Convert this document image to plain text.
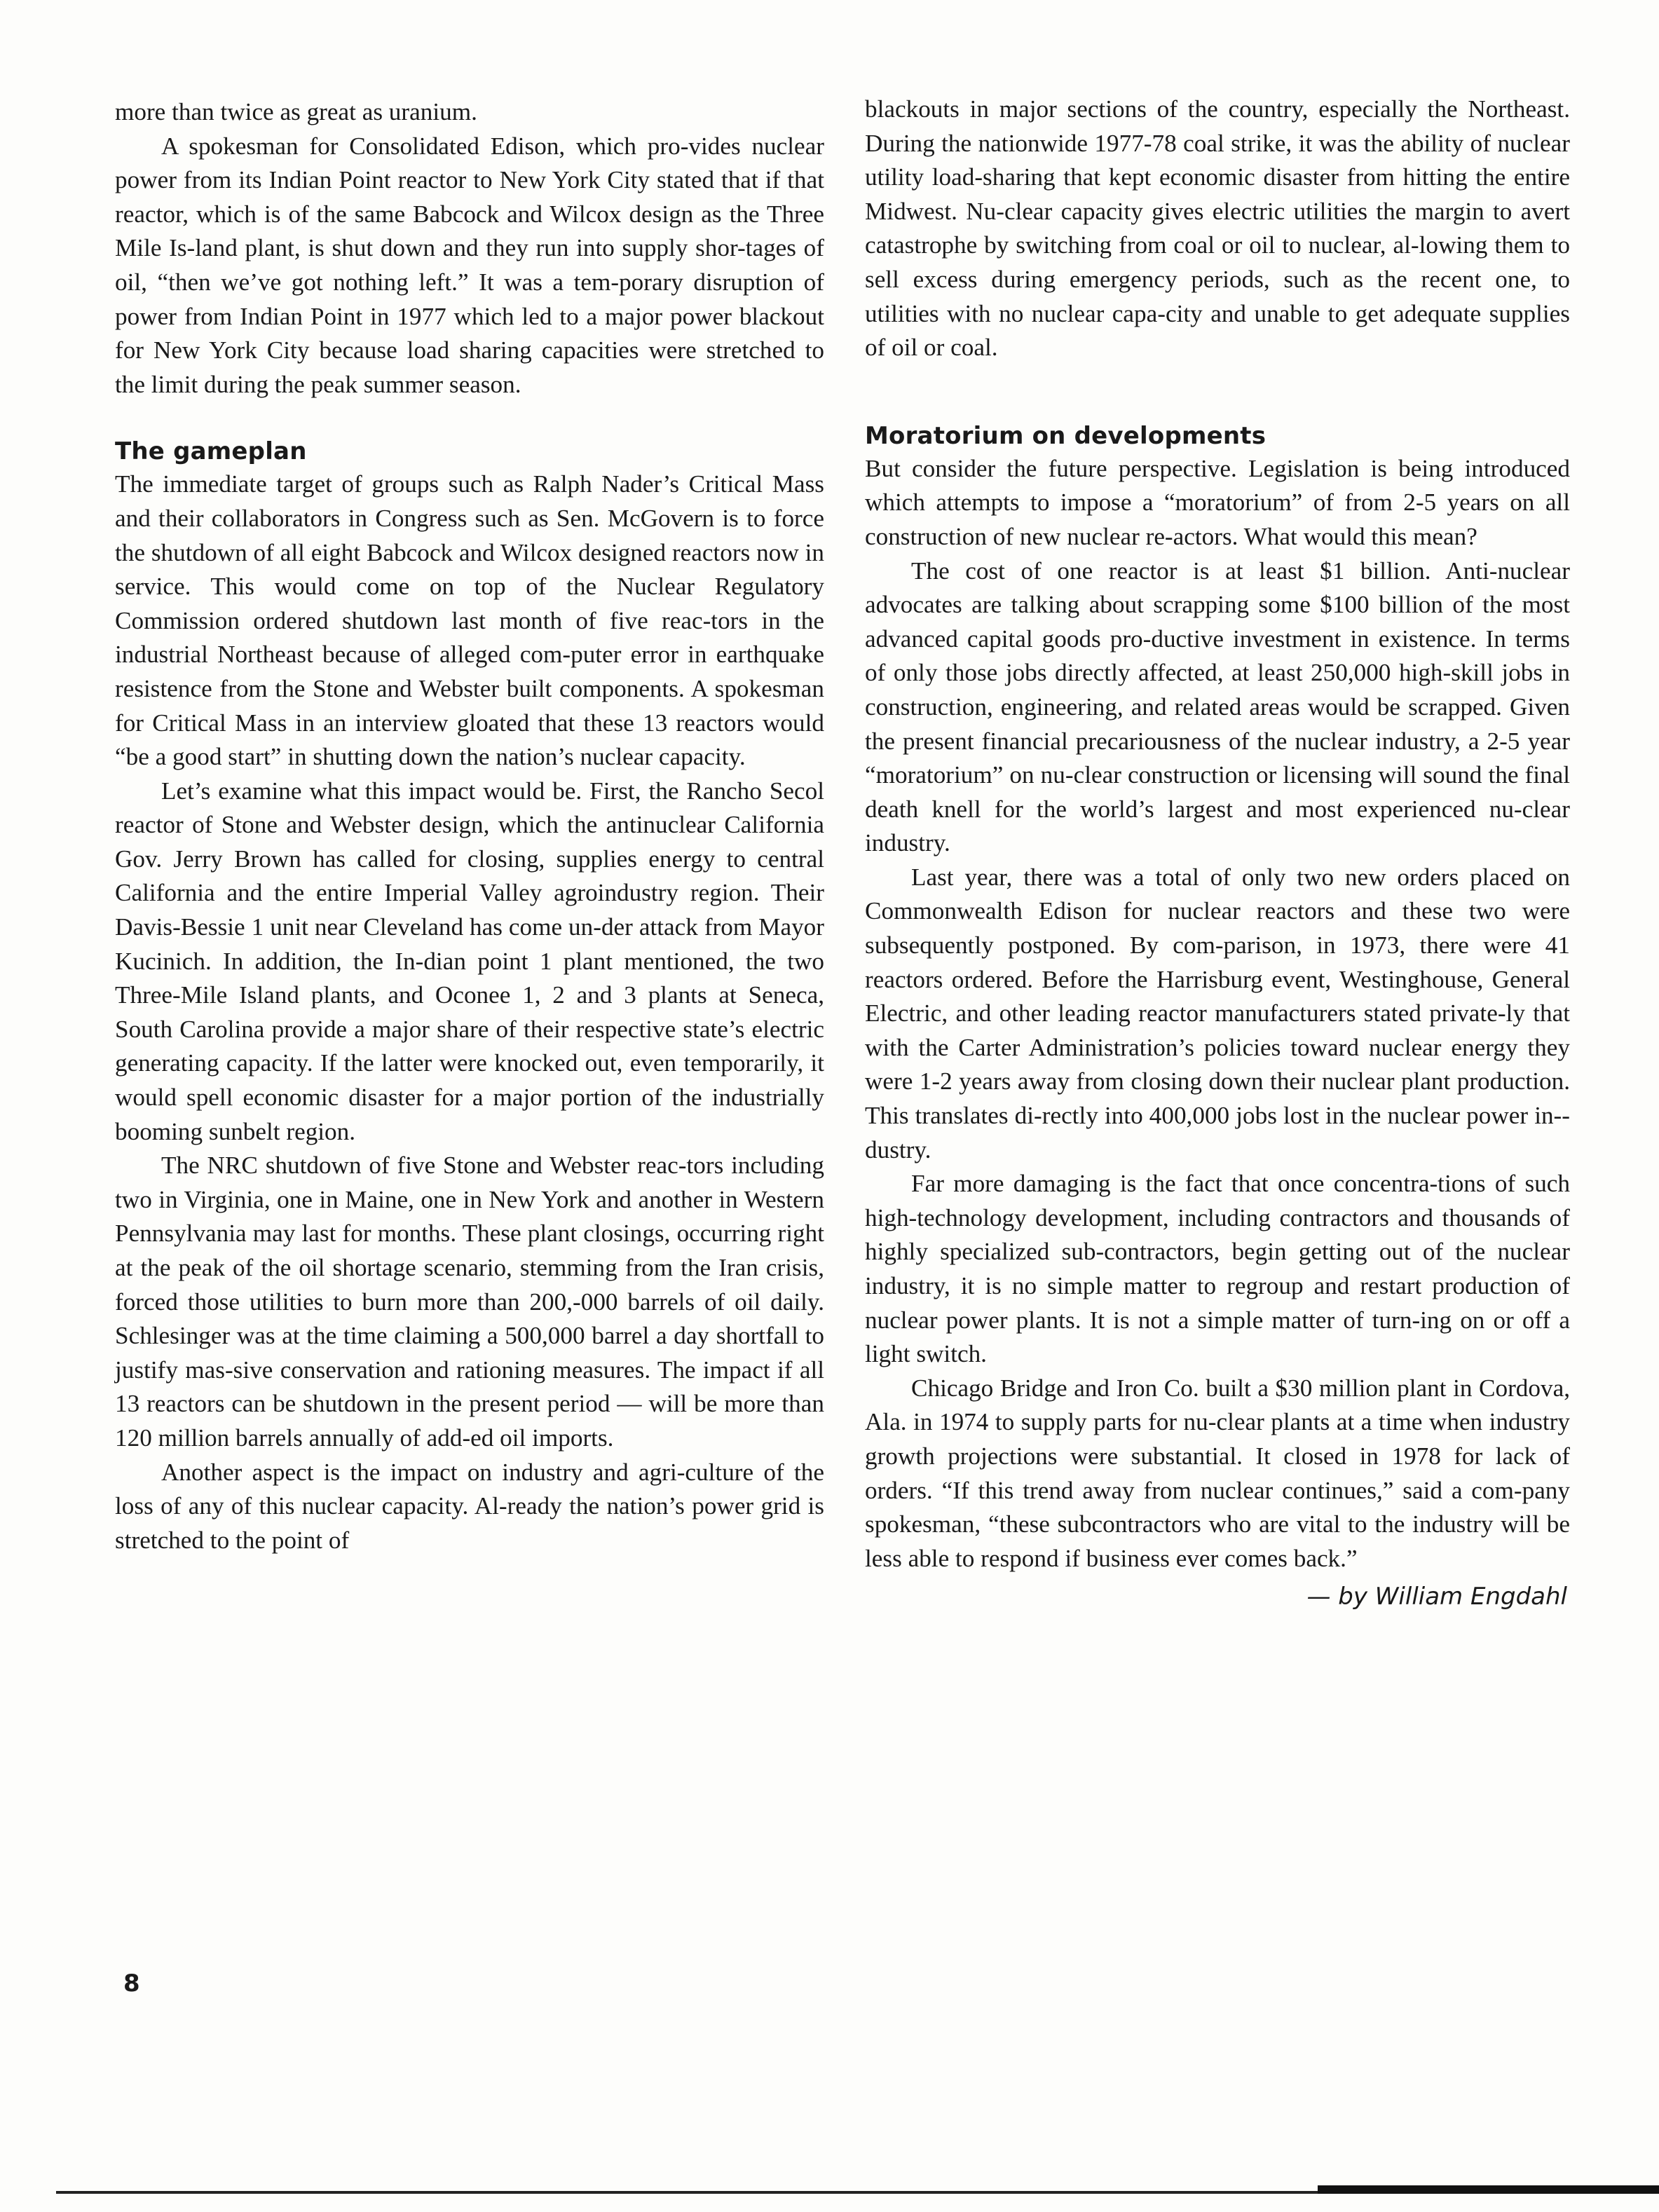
more than twice as great as uranium.

A spokesman for Consolidated Edison, which pro-vides nuclear power from its Indian Point reactor to New York City stated that if that reactor, which is of the same Babcock and Wilcox design as the Three Mile Is-land plant, is shut down and they run into supply shor-tages of oil, “then we’ve got nothing left.” It was a tem-porary disruption of power from Indian Point in 1977 which led to a major power blackout for New York City because load sharing capacities were stretched to the limit during the peak summer season.

The gameplan

The immediate target of groups such as Ralph Nader’s Critical Mass and their collaborators in Congress such as Sen. McGovern is to force the shutdown of all eight Babcock and Wilcox designed reactors now in service. This would come on top of the Nuclear Regulatory Commission ordered shutdown last month of five reac-tors in the industrial Northeast because of alleged com-puter error in earthquake resistence from the Stone and Webster built components. A spokesman for Critical Mass in an interview gloated that these 13 reactors would “be a good start” in shutting down the nation’s nuclear capacity.

Let’s examine what this impact would be. First, the Rancho Secol reactor of Stone and Webster design, which the antinuclear California Gov. Jerry Brown has called for closing, supplies energy to central California and the entire Imperial Valley agroindustry region. Their Davis-Bessie 1 unit near Cleveland has come un-der attack from Mayor Kucinich. In addition, the In-dian point 1 plant mentioned, the two Three-Mile Island plants, and Oconee 1, 2 and 3 plants at Seneca, South Carolina provide a major share of their respective state’s electric generating capacity. If the latter were knocked out, even temporarily, it would spell economic disaster for a major portion of the industrially booming sunbelt region.

The NRC shutdown of five Stone and Webster reac-tors including two in Virginia, one in Maine, one in New York and another in Western Pennsylvania may last for months. These plant closings, occurring right at the peak of the oil shortage scenario, stemming from the Iran crisis, forced those utilities to burn more than 200,-000 barrels of oil daily. Schlesinger was at the time claiming a 500,000 barrel a day shortfall to justify mas-sive conservation and rationing measures. The impact if all 13 reactors can be shutdown in the present period — will be more than 120 million barrels annually of add-ed oil imports.

Another aspect is the impact on industry and agri-culture of the loss of any of this nuclear capacity. Al-ready the nation’s power grid is stretched to the point of

blackouts in major sections of the country, especially the Northeast. During the nationwide 1977-78 coal strike, it was the ability of nuclear utility load-sharing that kept economic disaster from hitting the entire Midwest. Nu-clear capacity gives electric utilities the margin to avert catastrophe by switching from coal or oil to nuclear, al-lowing them to sell excess during emergency periods, such as the recent one, to utilities with no nuclear capa-city and unable to get adequate supplies of oil or coal.

Moratorium on developments

But consider the future perspective. Legislation is being introduced which attempts to impose a “moratorium” of from 2-5 years on all construction of new nuclear re-actors. What would this mean?

The cost of one reactor is at least $1 billion. Anti-nuclear advocates are talking about scrapping some $100 billion of the most advanced capital goods pro-ductive investment in existence. In terms of only those jobs directly affected, at least 250,000 high-skill jobs in construction, engineering, and related areas would be scrapped. Given the present financial precariousness of the nuclear industry, a 2-5 year “moratorium” on nu-clear construction or licensing will sound the final death knell for the world’s largest and most experienced nu-clear industry.

Last year, there was a total of only two new orders placed on Commonwealth Edison for nuclear reactors and these two were subsequently postponed. By com-parison, in 1973, there were 41 reactors ordered. Before the Harrisburg event, Westinghouse, General Electric, and other leading reactor manufacturers stated private-ly that with the Carter Administration’s policies toward nuclear energy they were 1-2 years away from closing down their nuclear plant production. This translates di-rectly into 400,000 jobs lost in the nuclear power in-dustry.

Far more damaging is the fact that once concentra-tions of such high-technology development, including contractors and thousands of highly specialized sub-contractors, begin getting out of the nuclear industry, it is no simple matter to regroup and restart production of nuclear power plants. It is not a simple matter of turn-ing on or off a light switch.

Chicago Bridge and Iron Co. built a $30 million plant in Cordova, Ala. in 1974 to supply parts for nu-clear plants at a time when industry growth projections were substantial. It closed in 1978 for lack of orders. “If this trend away from nuclear continues,” said a com-pany spokesman, “these subcontractors who are vital to the industry will be less able to respond if business ever comes back.”

— by William Engdahl
8
